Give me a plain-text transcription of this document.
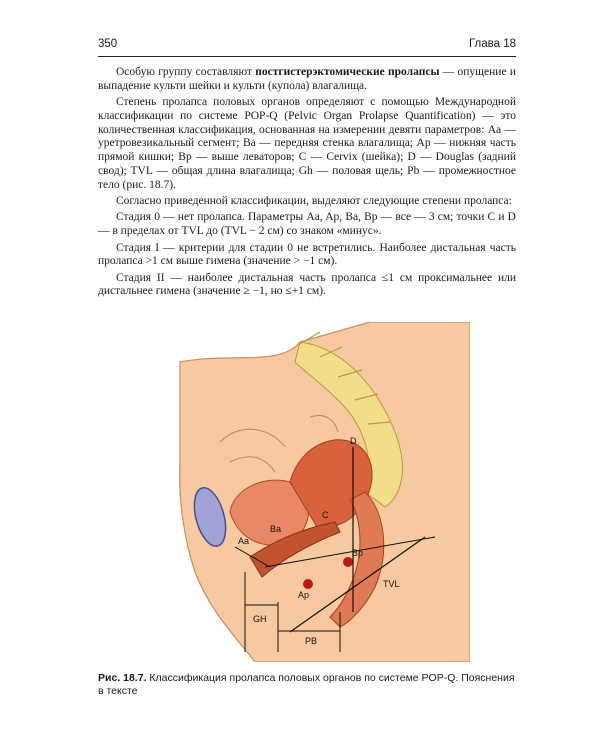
350	Глава 18

Особую группу составляют постгистерэктомические пролапсы — опущение и выпадение культи шейки и культи (купола) влагалища.

Степень пролапса половых органов определяют с помощью Международной классификации по системе POP-Q (Pelvic Organ Prolapse Quantification) — это количественная классификация, основанная на измерении девяти параметров: Aa — уретровезикальный сегмент; Ba — передняя стенка влагалища; Ap — нижняя часть прямой кишки; Bp — выше леваторов; C — Cervix (шейка); D — Douglas (задний свод); TVL — общая длина влагалища; Gh — половая щель; Pb — промежностное тело (рис. 18.7).

Согласно приведенной классификации, выделяют следующие степени пролапса:

Стадия 0 — нет пролапса. Параметры Aa, Ap, Ba, Bp — все — 3 см; точки C и D — в пределах от TVL до (TVL − 2 см) со знаком «минус».

Стадия I — критерии для стадии 0 не встретились. Наиболее дистальная часть пролапса >1 см выше гимена (значение > −1 см).

Стадия II — наиболее дистальная часть пролапса ≤1 см проксимальнее или дистальнее гимена (значение ≥ −1, но ≤+1 см).

D
Ba
Aa
C
Bp
Ap
TVL
GH
PB
Рис. 18.7. Классификация пролапса половых органов по системе POP-Q. Пояснения в тексте
